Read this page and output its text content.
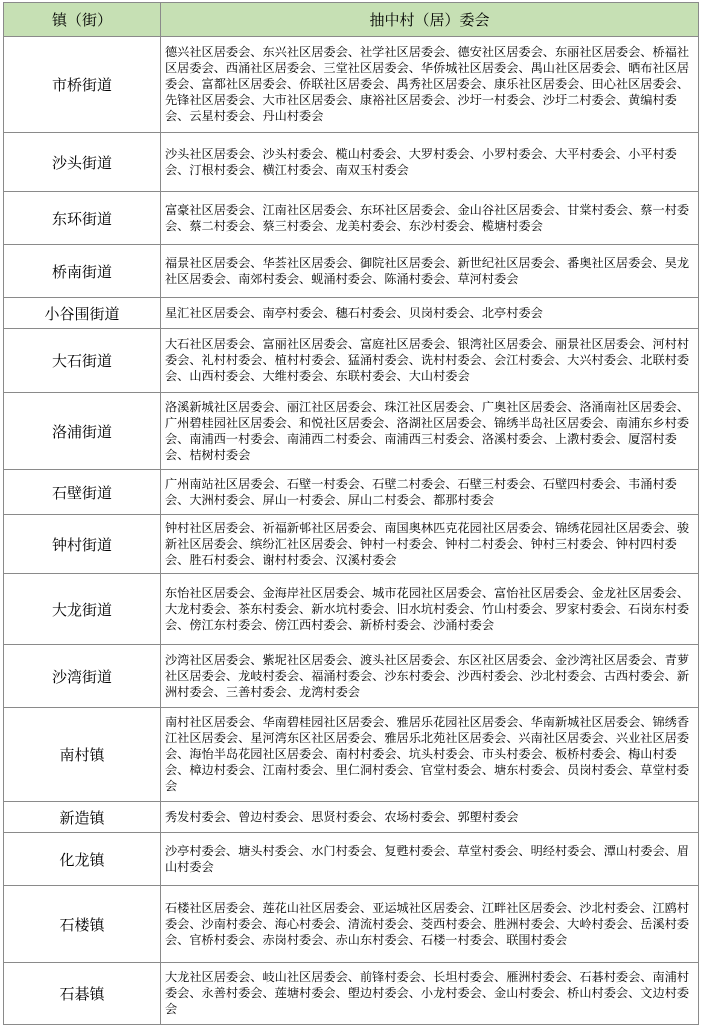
镇（街）	抽中村（居）委会
市桥街道	德兴社区居委会、东兴社区居委会、社学社区居委会、德安社区居委会、东丽社区居委会、桥福社区居委会、西涌社区居委会、三堂社区居委会、华侨城社区居委会、禺山社区居委会、晒布社区居委会、富都社区居委会、侨联社区居委会、禺秀社区居委会、康乐社区居委会、田心社区居委会、先锋社区居委会、大市社区居委会、康裕社区居委会、沙圩一村委会、沙圩二村委会、黄编村委会、云星村委会、丹山村委会
沙头街道	沙头社区居委会、沙头村委会、榄山村委会、大罗村委会、小罗村委会、大平村委会、小平村委会、汀根村委会、横江村委会、南双玉村委会
东环街道	富豪社区居委会、江南社区居委会、东环社区居委会、金山谷社区居委会、甘棠村委会、蔡一村委会、蔡二村委会、蔡三村委会、龙美村委会、东沙村委会、榄塘村委会
桥南街道	福景社区居委会、华荟社区居委会、御院社区居委会、新世纪社区居委会、番奥社区居委会、昊龙社区居委会、南郊村委会、蚬涌村委会、陈涌村委会、草河村委会
小谷围街道	星汇社区居委会、南亭村委会、穗石村委会、贝岗村委会、北亭村委会
大石街道	大石社区居委会、富丽社区居委会、富庭社区居委会、银湾社区居委会、丽景社区居委会、河村村委会、礼村村委会、植村村委会、猛涌村委会、诜村村委会、会江村委会、大兴村委会、北联村委会、山西村委会、大维村委会、东联村委会、大山村委会
洛浦街道	洛溪新城社区居委会、丽江社区居委会、珠江社区居委会、广奥社区居委会、洛涌南社区居委会、广州碧桂园社区居委会、和悦社区居委会、洛湖社区居委会、锦绣半岛社区居委会、南浦东乡村委会、南浦西一村委会、南浦西二村委会、南浦西三村委会、洛溪村委会、上漖村委会、厦滘村委会、桔树村委会
石壁街道	广州南站社区居委会、石壁一村委会、石壁二村委会、石壁三村委会、石壁四村委会、韦涌村委会、大洲村委会、屏山一村委会、屏山二村委会、都那村委会
钟村街道	钟村社区居委会、祈福新邨社区居委会、南国奥林匹克花园社区居委会、锦绣花园社区居委会、骏新社区居委会、缤纷汇社区居委会、钟村一村委会、钟村二村委会、钟村三村委会、钟村四村委会、胜石村委会、谢村村委会、汉溪村委会
大龙街道	东怡社区居委会、金海岸社区居委会、城市花园社区居委会、富怡社区居委会、金龙社区居委会、大龙村委会、茶东村委会、新水坑村委会、旧水坑村委会、竹山村委会、罗家村委会、石岗东村委会、傍江东村委会、傍江西村委会、新桥村委会、沙涌村委会
沙湾街道	沙湾社区居委会、紫坭社区居委会、渡头社区居委会、东区社区居委会、金沙湾社区居委会、青萝社区居委会、龙岐村委会、福涌村委会、沙东村委会、沙西村委会、沙北村委会、古西村委会、新洲村委会、三善村委会、龙湾村委会
南村镇	南村社区居委会、华南碧桂园社区居委会、雅居乐花园社区居委会、华南新城社区居委会、锦绣香江社区居委会、星河湾东区社区居委会、雅居乐北苑社区居委会、兴南社区居委会、兴业社区居委会、海怡半岛花园社区居委会、南村村委会、坑头村委会、市头村委会、板桥村委会、梅山村委会、樟边村委会、江南村委会、里仁洞村委会、官堂村委会、塘东村委会、员岗村委会、草堂村委会
新造镇	秀发村委会、曾边村委会、思贤村委会、农场村委会、郭塱村委会
化龙镇	沙亭村委会、塘头村委会、水门村委会、复甦村委会、草堂村委会、明经村委会、潭山村委会、眉山村委会
石楼镇	石楼社区居委会、莲花山社区居委会、亚运城社区居委会、江畔社区居委会、沙北村委会、江鸥村委会、沙南村委会、海心村委会、清流村委会、茭西村委会、胜洲村委会、大岭村委会、岳溪村委会、官桥村委会、赤岗村委会、赤山东村委会、石楼一村委会、联围村委会
石碁镇	大龙社区居委会、岐山社区居委会、前锋村委会、长坦村委会、雁洲村委会、石碁村委会、南浦村委会、永善村委会、莲塘村委会、塱边村委会、小龙村委会、金山村委会、桥山村委会、文边村委会
